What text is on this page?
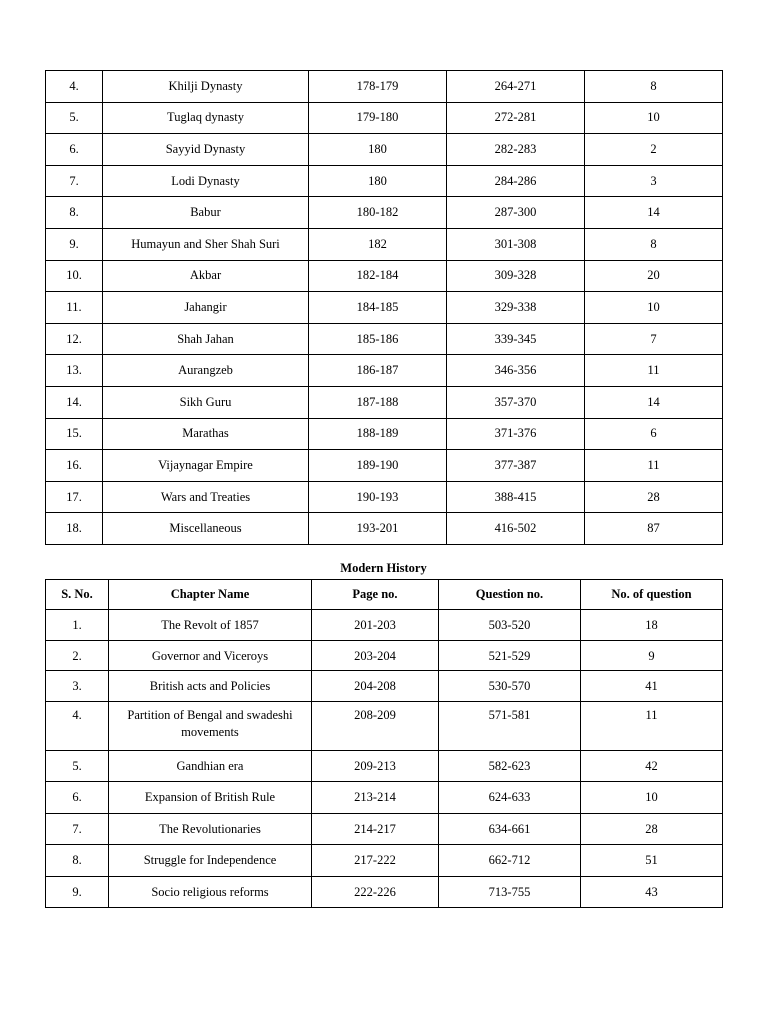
4.	Khilji Dynasty	178-179	264-271	8
5.	Tuglaq dynasty	179-180	272-281	10
6.	Sayyid Dynasty	180	282-283	2
7.	Lodi Dynasty	180	284-286	3
8.	Babur	180-182	287-300	14
9.	Humayun and Sher Shah Suri	182	301-308	8
10.	Akbar	182-184	309-328	20
11.	Jahangir	184-185	329-338	10
12.	Shah Jahan	185-186	339-345	7
13.	Aurangzeb	186-187	346-356	11
14.	Sikh Guru	187-188	357-370	14
15.	Marathas	188-189	371-376	6
16.	Vijaynagar Empire	189-190	377-387	11
17.	Wars and Treaties	190-193	388-415	28
18.	Miscellaneous	193-201	416-502	87
Modern History
S. No.	Chapter Name	Page no.	Question no.	No. of question
1.	The Revolt of 1857	201-203	503-520	18
2.	Governor and Viceroys	203-204	521-529	9
3.	British acts and Policies	204-208	530-570	41
4.	Partition of Bengal and swadeshi movements	208-209	571-581	11
5.	Gandhian era	209-213	582-623	42
6.	Expansion of British Rule	213-214	624-633	10
7.	The Revolutionaries	214-217	634-661	28
8.	Struggle for Independence	217-222	662-712	51
9.	Socio religious reforms	222-226	713-755	43
